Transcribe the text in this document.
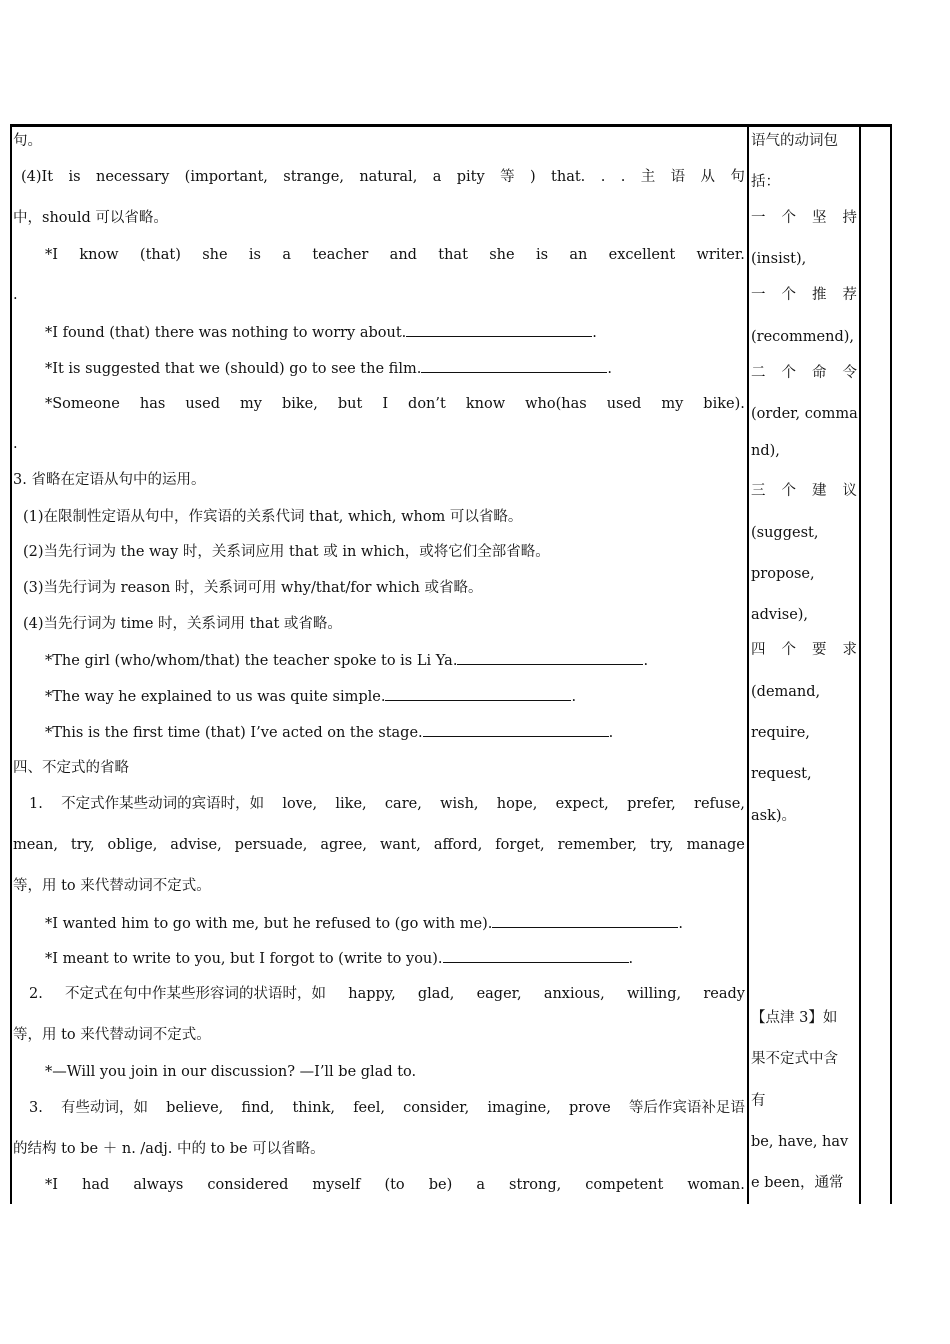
句。
(4)It is necessary (important, strange, natural, a pity 等 ) that. . . 主 语 从 句
中，should 可以省略。
*I know (that) she is a teacher and that she is an excellent writer.
.
*I found (that) there was nothing to worry about.	.
*It is suggested that we (should) go to see the film.	.
*Someone has used my bike, but I don’t know who(has used my bike).
.
3. 省略在定语从句中的运用。
(1)在限制性定语从句中，作宾语的关系代词 that, which, whom 可以省略。
(2)当先行词为 the way 时，关系词应用 that 或 in which，或将它们全部省略。
(3)当先行词为 reason 时，关系词可用 why/that/for which 或省略。
(4)当先行词为 time 时，关系词用 that 或省略。
*The girl (who/whom/that) the teacher spoke to is Li Ya.	.
*The way he explained to us was quite simple.	.
*This is the first time (that) I’ve acted on the stage.	.
四、不定式的省略
1. 不定式作某些动词的宾语时，如 love, like, care, wish, hope, expect, prefer, refuse,
mean, try, oblige, advise, persuade, agree, want, afford, forget, remember, try, manage
等，用 to 来代替动词不定式。
*I wanted him to go with me, but he refused to (go with me).	.
*I meant to write to you, but I forgot to (write to you).	.
2. 不定式在句中作某些形容词的状语时，如 happy, glad, eager, anxious, willing, ready
等，用 to 来代替动词不定式。
*—Will you join in our discussion? —I’ll be glad to.
3. 有些动词，如 believe, find, think, feel, consider, imagine, prove 等后作宾语补足语
的结构 to be ＋ n. /adj. 中的 to be 可以省略。
*I had always considered myself (to be) a strong, competent woman.
语气的动词包
括：
一 个 坚 持
(insist),
一 个 推 荐
(recommend),
二 个 命 令
(order, comma
nd),
三 个 建 议
(suggest,
propose,
advise),
四 个 要 求
(demand,
require,
request,
ask)。
【点津 3】如
果不定式中含
有
be, have, hav
e been，通常
